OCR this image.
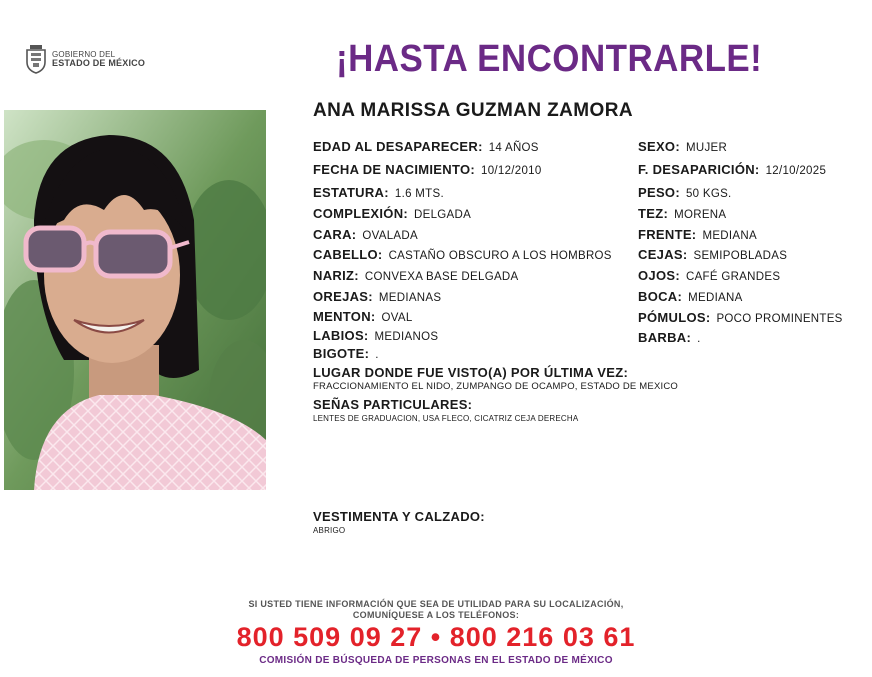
GOBIERNO DEL
ESTADO DE MÉXICO	¡HASTA ENCONTRARLE!
ANA MARISSA GUZMAN ZAMORA
EDAD AL DESAPARECER: 14 AÑOS
FECHA DE NACIMIENTO: 10/12/2010
ESTATURA: 1.6 MTS.
COMPLEXIÓN: DELGADA
CARA: OVALADA
CABELLO: CASTAÑO OBSCURO A LOS HOMBROS
NARIZ: CONVEXA BASE DELGADA
OREJAS: MEDIANAS
MENTON: OVAL
LABIOS: MEDIANOS
BIGOTE: .
SEXO: MUJER
F. DESAPARICIÓN: 12/10/2025
PESO: 50 KGS.
TEZ: MORENA
FRENTE: MEDIANA
CEJAS: SEMIPOBLADAS
OJOS: CAFÉ GRANDES
BOCA: MEDIANA
PÓMULOS: POCO PROMINENTES
BARBA: .
LUGAR DONDE FUE VISTO(A) POR ÚLTIMA VEZ:
FRACCIONAMIENTO EL NIDO, ZUMPANGO DE OCAMPO, ESTADO DE MEXICO
SEÑAS PARTICULARES:
LENTES DE GRADUACION, USA FLECO, CICATRIZ CEJA DERECHA
VESTIMENTA Y CALZADO:
ABRIGO
SI USTED TIENE INFORMACIÓN QUE SEA DE UTILIDAD PARA SU LOCALIZACIÓN,
COMUNÍQUESE A LOS TELÉFONOS:
800 509 09 27 • 800 216 03 61
COMISIÓN DE BÚSQUEDA DE PERSONAS EN EL ESTADO DE MÉXICO
